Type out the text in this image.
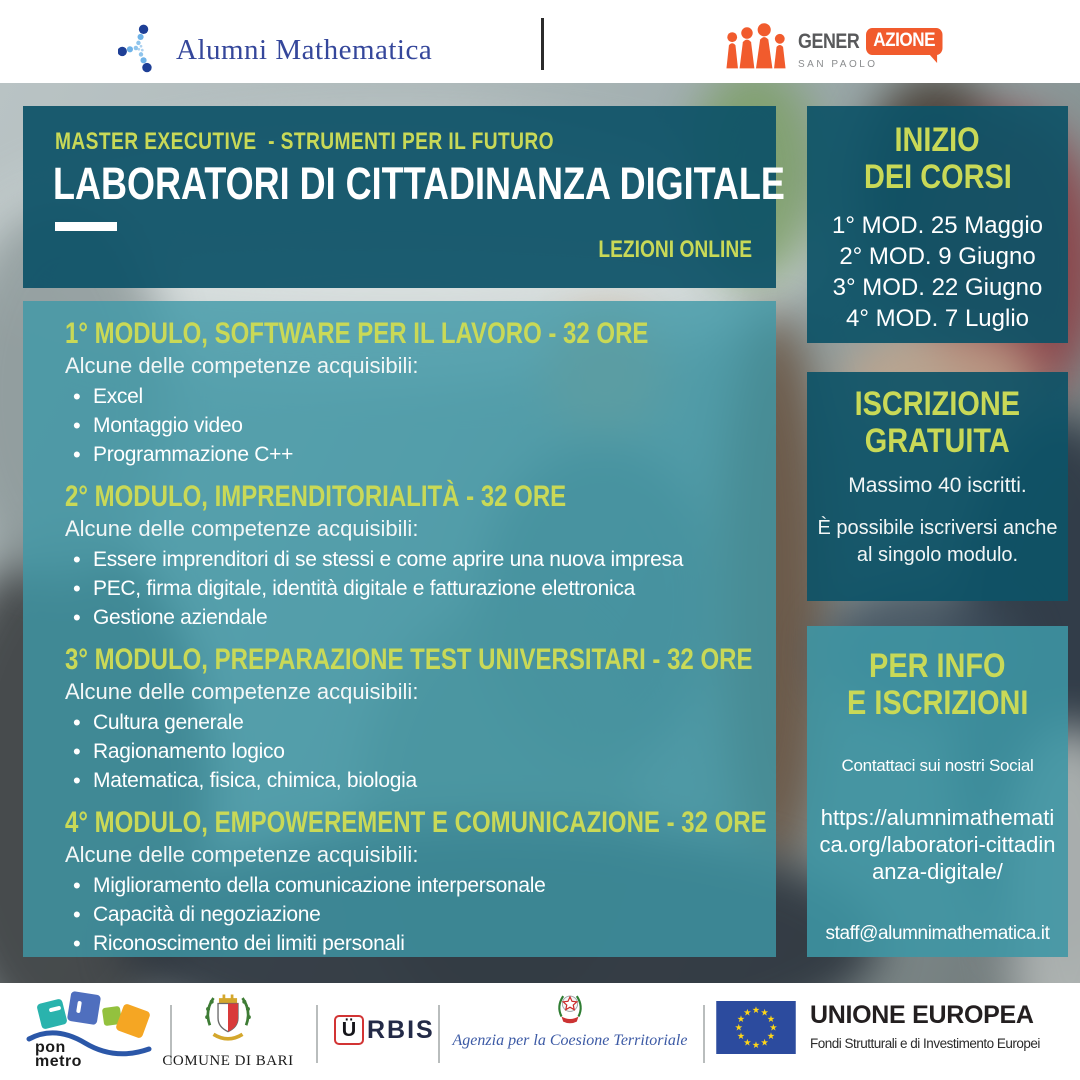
Alumni Mathematica	GENER AZIONE
SAN PAOLO
MASTER EXECUTIVE  - STRUMENTI PER IL FUTURO
LABORATORI DI CITTADINANZA DIGITALE
LEZIONI ONLINE
1° MODULO, SOFTWARE PER IL LAVORO - 32 ORE
Alcune delle competenze acquisibili:
• Excel
• Montaggio video
• Programmazione C++
2° MODULO, IMPRENDITORIALITÀ - 32 ORE
Alcune delle competenze acquisibili:
• Essere imprenditori di se stessi e come aprire una nuova impresa
• PEC, firma digitale, identità digitale e fatturazione elettronica
• Gestione aziendale
3° MODULO, PREPARAZIONE TEST UNIVERSITARI - 32 ORE
Alcune delle competenze acquisibili:
• Cultura generale
• Ragionamento logico
• Matematica, fisica, chimica, biologia
4° MODULO, EMPOWEREMENT E COMUNICAZIONE - 32 ORE
Alcune delle competenze acquisibili:
• Miglioramento della comunicazione interpersonale
• Capacità di negoziazione
• Riconoscimento dei limiti personali
INIZIO
DEI CORSI
1° MOD. 25 Maggio
2° MOD. 9 Giugno
3° MOD. 22 Giugno
4° MOD. 7 Luglio
ISCRIZIONE
GRATUITA
Massimo 40 iscritti.
È possibile iscriversi anche al singolo modulo.
PER INFO
E ISCRIZIONI
Contattaci sui nostri Social
https://alumnimathematica.org/laboratori-cittadinanza-digitale/
staff@alumnimathematica.it
pon
metro	COMUNE DI BARI
Ü RBIS Agenzia per la Coesione Territoriale
★ ★
★
★
★
★
★
★
★
★
★
★ UNIONE EUROPEA
Fondi Strutturali e di Investimento Europei
